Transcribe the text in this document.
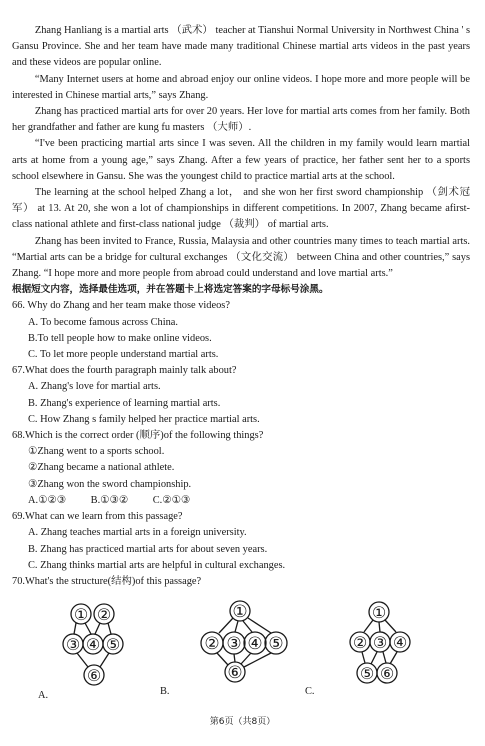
Zhang Hanliang is a martial arts （武术） teacher at Tianshui Normal University in Northwest China ' s Gansu Province. She and her team have made many traditional Chinese martial arts videos in the past years and these videos are popular online.

“Many Internet users at home and abroad enjoy our online videos. I hope more and more people will be interested in Chinese martial arts,” says Zhang.

Zhang has practiced martial arts for over 20 years. Her love for martial arts comes from her family. Both her grandfather and father are kung fu masters （大师）.

“I've been practicing martial arts since I was seven. All the children in my family would learn martial arts at home from a young age,” says Zhang. After a few years of practice, her father sent her to a sports school elsewhere in Gansu. She was the youngest child to practice martial arts at the school.

The learning at the school helped Zhang a lot， and she won her first sword championship （剑术冠军） at 13. At 20, she won a lot of championships in different competitions. In 2007, Zhang became afirst-class national athlete and first-class national judge （裁判） of martial arts.

Zhang has been invited to France, Russia, Malaysia and other countries many times to teach martial arts. “Martial arts can be a bridge for cultural exchanges （文化交流） between China and other countries,” says Zhang. “I hope more and more people from abroad could understand and love martial arts.”

根据短文内容，选择最佳选项，并在答题卡上将选定答案的字母标号涂黑。

66. Why do Zhang and her team make those videos?

A. To become famous across China.

B.To tell people how to make online videos.

C. To let more people understand martial arts.

67.What does the fourth paragraph mainly talk about?

A. Zhang's love for martial arts.

B. Zhang's experience of learning martial arts.

C. How Zhang s family helped her practice martial arts.

68.Which is the correct order (顺序)of the following things?

①Zhang went to a sports school.

②Zhang became a national athlete.

③Zhang won the sword championship.

A.①②③ B.①③② C.②①③

69.What can we learn from this passage?

A. Zhang teaches martial arts in a foreign university.

B. Zhang has practiced martial arts for about seven years.

C. Zhang thinks martial arts are helpful in cultural exchanges.

70.What's the structure(结构)of this passage?

① ②
③ ④ ⑤
⑥
A.
①
② ③ ④ ⑤
⑥
B.
①
② ③ ④
⑤ ⑥
C.
第6页（共8页）
